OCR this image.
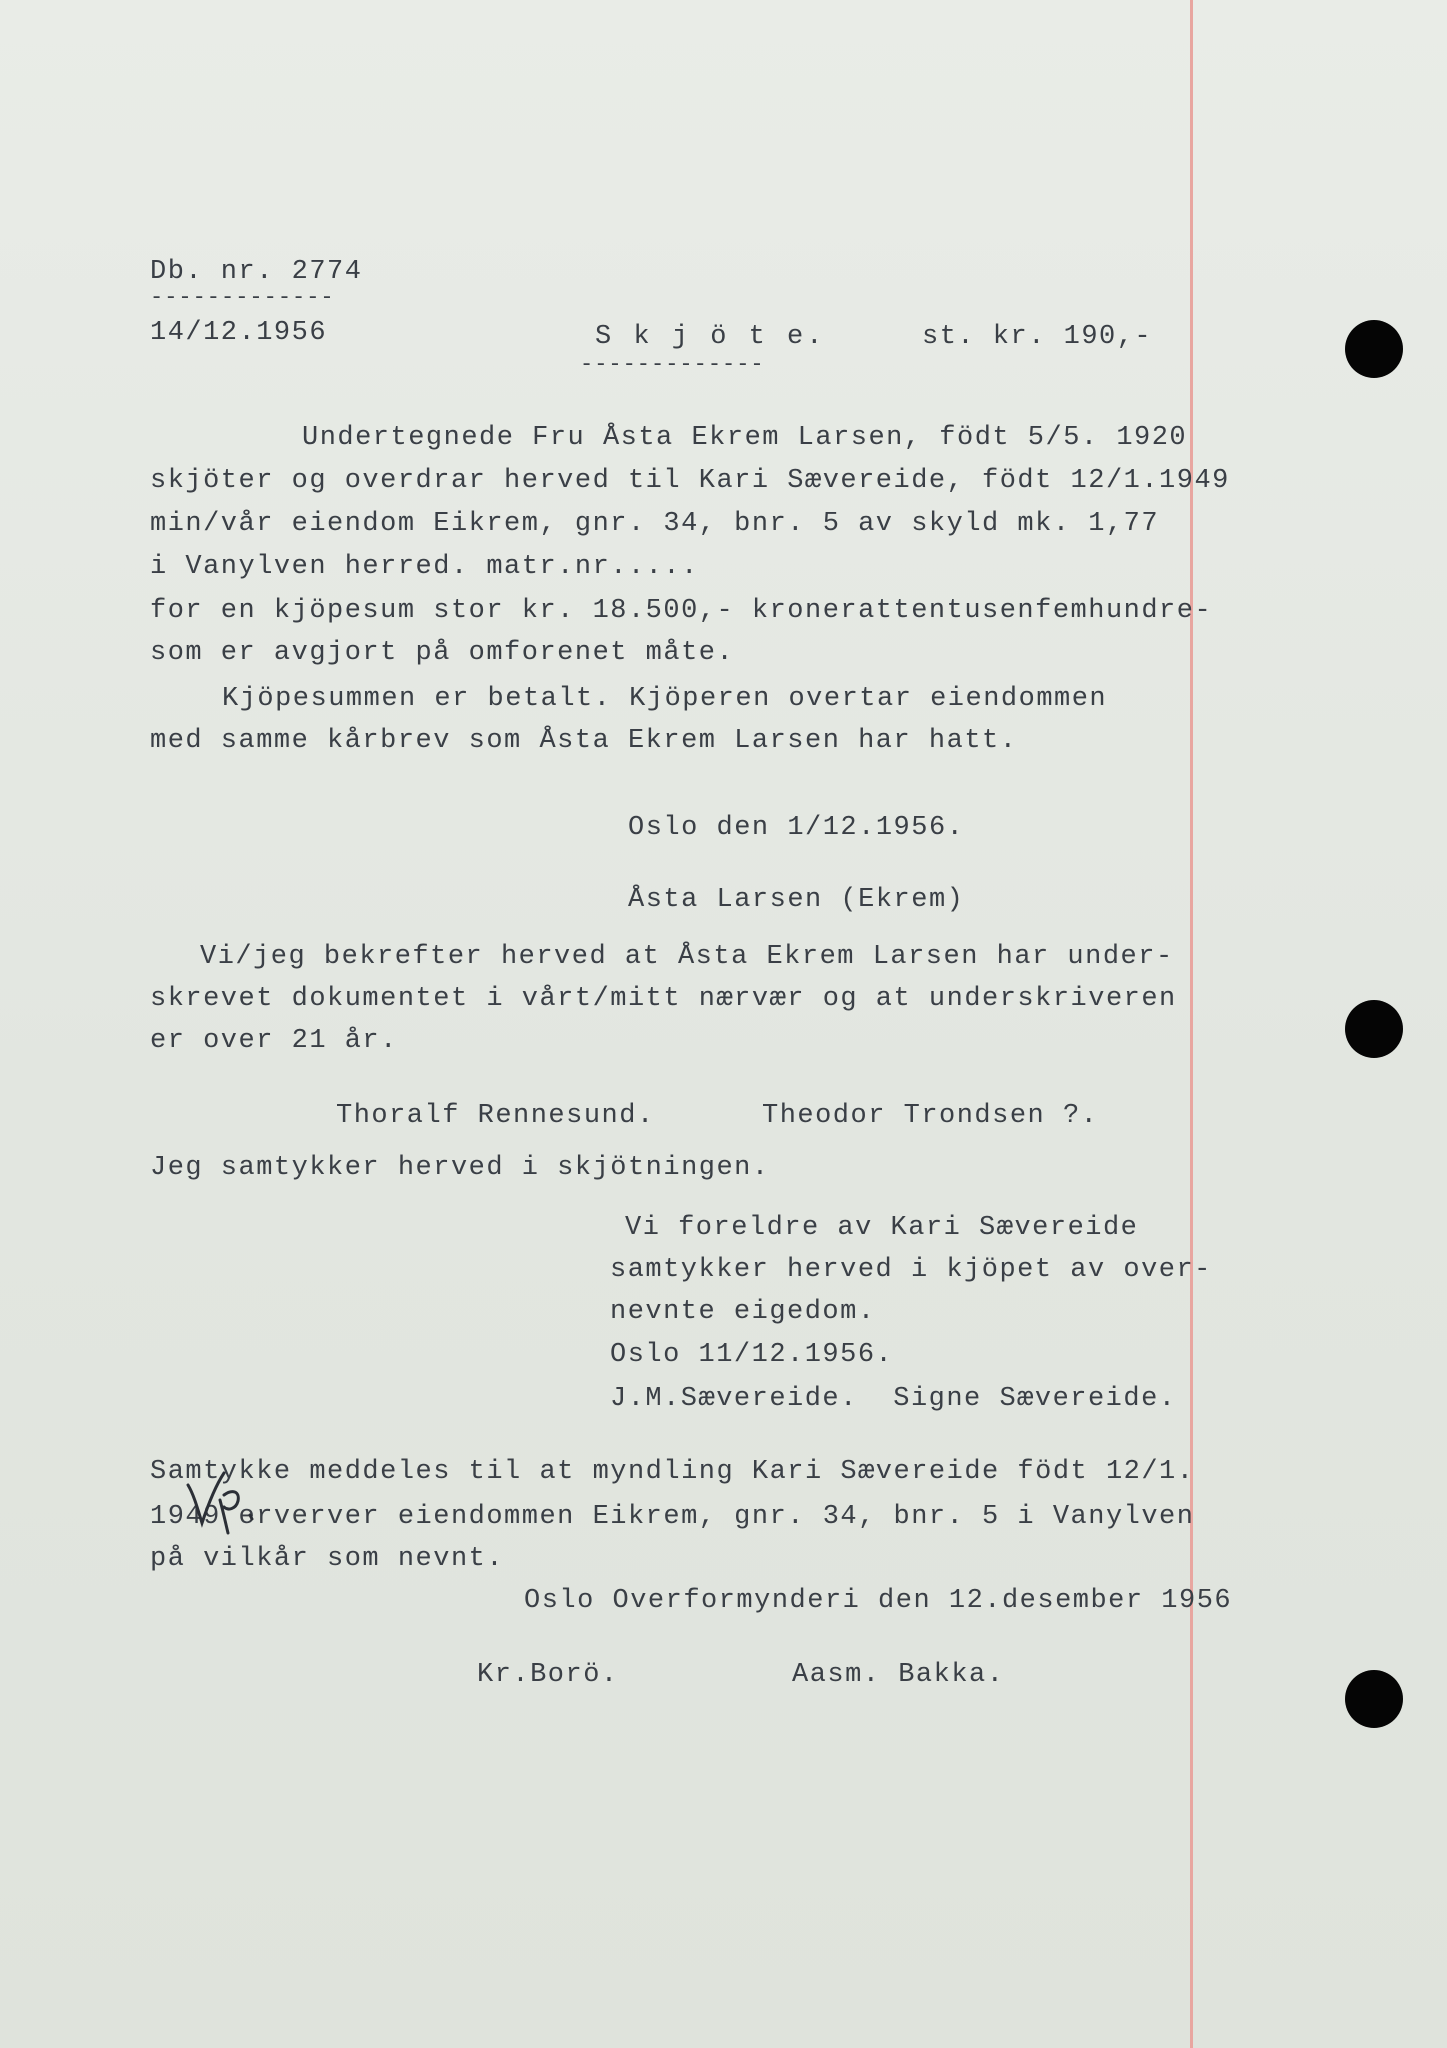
Db. nr. 2774
-------------
14/12.1956	S k j ö t e.
-------------
st. kr. 190,-
Undertegnede Fru Åsta Ekrem Larsen, födt 5/5. 1920
skjöter og overdrar herved til Kari Sævereide, födt 12/1.1949
min/vår eiendom Eikrem, gnr. 34, bnr. 5 av skyld mk. 1,77
i Vanylven herred. matr.nr.....
for en kjöpesum stor kr. 18.500,- kronerattentusenfemhundre-
som er avgjort på omforenet måte.
Kjöpesummen er betalt. Kjöperen overtar eiendommen
med samme kårbrev som Åsta Ekrem Larsen har hatt.
Oslo den 1/12.1956.
Åsta Larsen (Ekrem)
Vi/jeg bekrefter herved at Åsta Ekrem Larsen har under-
skrevet dokumentet i vårt/mitt nærvær og at underskriveren
er over 21 år.
Thoralf Rennesund.	Theodor Trondsen ?.
Jeg samtykker herved i skjötningen.
Vi foreldre av Kari Sævereide
samtykker herved i kjöpet av over-
nevnte eigedom.
Oslo 11/12.1956.
J.M.Sævereide.  Signe Sævereide.
Samtykke meddeles til at myndling Kari Sævereide födt 12/1.
1949 erverver eiendommen Eikrem, gnr. 34, bnr. 5 i Vanylven
på vilkår som nevnt.
Oslo Overformynderi den 12.desember 1956
Kr.Borö.	Aasm. Bakka.
